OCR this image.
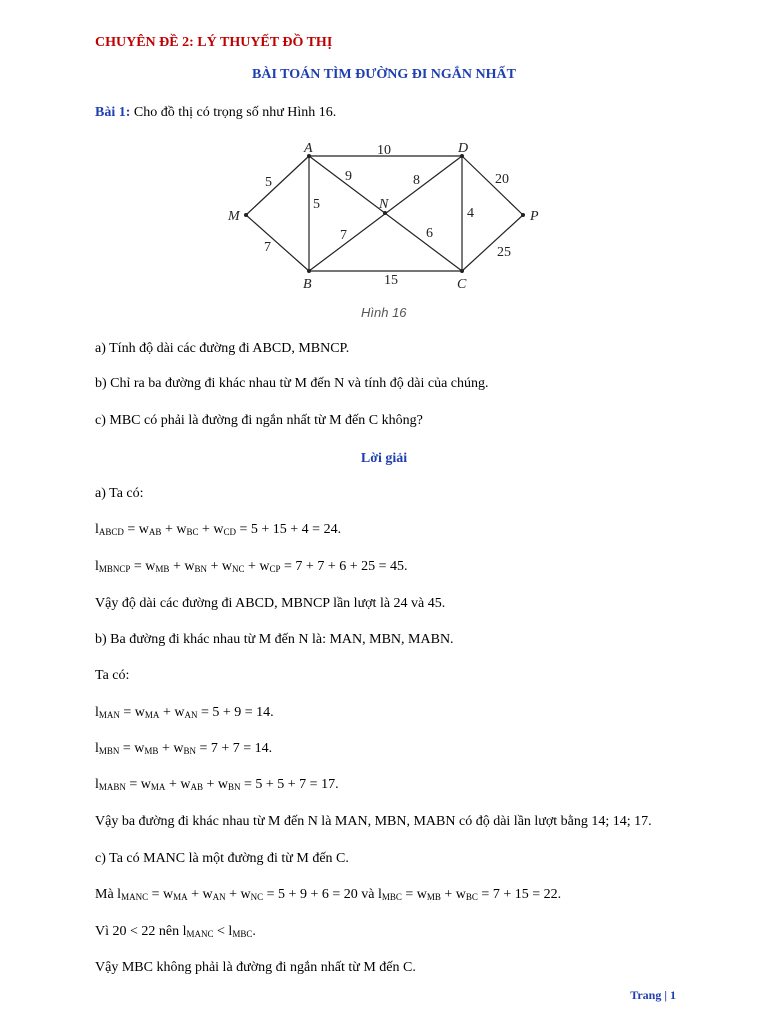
CHUYÊN ĐỀ 2: LÝ THUYẾT ĐỒ THỊ
BÀI TOÁN TÌM ĐƯỜNG ĐI NGẮN NHẤT
Bài 1: Cho đồ thị có trọng số như Hình 16.
A	D
M
N
P
B	C
10
5	9	8	20
5
4
7
7	6
15
25
Hình 16
a) Tính độ dài các đường đi ABCD, MBNCP.
b) Chỉ ra ba đường đi khác nhau từ M đến N và tính độ dài của chúng.
c) MBC có phải là đường đi ngắn nhất từ M đến C không?
Lời giải
a) Ta có:
$l_{ABCD} = w_{AB} + w_{BC} + w_{CD} = 5 + 15 + 4 = 24$.
$l_{MBNCP} = w_{MB} + w_{BN} + w_{NC} + w_{CP} = 7 + 7 + 6 + 25 = 45$.
Vậy độ dài các đường đi ABCD, MBNCP lần lượt là 24 và 45.
b) Ba đường đi khác nhau từ M đến N là: MAN, MBN, MABN.
Ta có:
$l_{MAN} = w_{MA} + w_{AN} = 5 + 9 = 14$.
$l_{MBN} = w_{MB} + w_{BN} = 7 + 7 = 14$.
$l_{MABN} = w_{MA} + w_{AB} + w_{BN} = 5 + 5 + 7 = 17$.
Vậy ba đường đi khác nhau từ M đến N là MAN, MBN, MABN có độ dài lần lượt bằng 14; 14; 17.
c) Ta có MANC là một đường đi từ M đến C.
Mà $l_{MANC} = w_{MA} + w_{AN} + w_{NC} = 5 + 9 + 6 = 20$ và $l_{MBC} = w_{MB} + w_{BC} = 7 + 15 = 22$.
Vì 20 < 22 nên $l_{MANC} < l_{MBC}$.
Vậy MBC không phải là đường đi ngắn nhất từ M đến C.
Trang | 1
